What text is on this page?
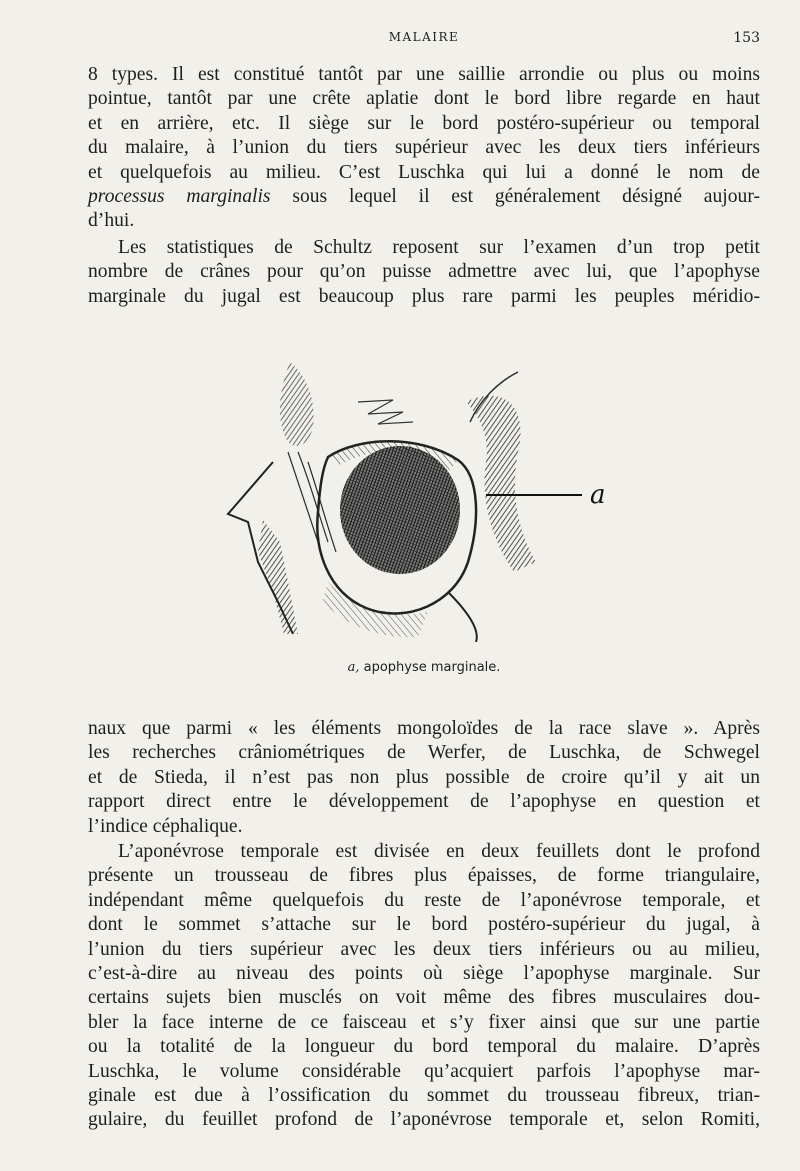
MALAIRE	153
8 types. Il est constitué tantôt par une saillie arrondie ou plus ou moins
pointue, tantôt par une crête aplatie dont le bord libre regarde en haut
et en arrière, etc. Il siège sur le bord postéro-supérieur ou temporal
du malaire, à l’union du tiers supérieur avec les deux tiers inférieurs
et quelquefois au milieu. C’est Luschka qui lui a donné le nom de
processus marginalis sous lequel il est généralement désigné aujour-
d’hui.
Les statistiques de Schultz reposent sur l’examen d’un trop petit
nombre de crânes pour qu’on puisse admettre avec lui, que l’apophyse
marginale du jugal est beaucoup plus rare parmi les peuples méridio-
a
a, apophyse marginale.
naux que parmi « les éléments mongoloïdes de la race slave ». Après
les recherches crâniométriques de Werfer, de Luschka, de Schwegel
et de Stieda, il n’est pas non plus possible de croire qu’il y ait un
rapport direct entre le développement de l’apophyse en question et
l’indice céphalique.
L’aponévrose temporale est divisée en deux feuillets dont le profond
présente un trousseau de fibres plus épaisses, de forme triangulaire,
indépendant même quelquefois du reste de l’aponévrose temporale, et
dont le sommet s’attache sur le bord postéro-supérieur du jugal, à
l’union du tiers supérieur avec les deux tiers inférieurs ou au milieu,
c’est-à-dire au niveau des points où siège l’apophyse marginale. Sur
certains sujets bien musclés on voit même des fibres musculaires dou-
bler la face interne de ce faisceau et s’y fixer ainsi que sur une partie
ou la totalité de la longueur du bord temporal du malaire. D’après
Luschka, le volume considérable qu’acquiert parfois l’apophyse mar-
ginale est due à l’ossification du sommet du trousseau fibreux, trian-
gulaire, du feuillet profond de l’aponévrose temporale et, selon Romiti,
